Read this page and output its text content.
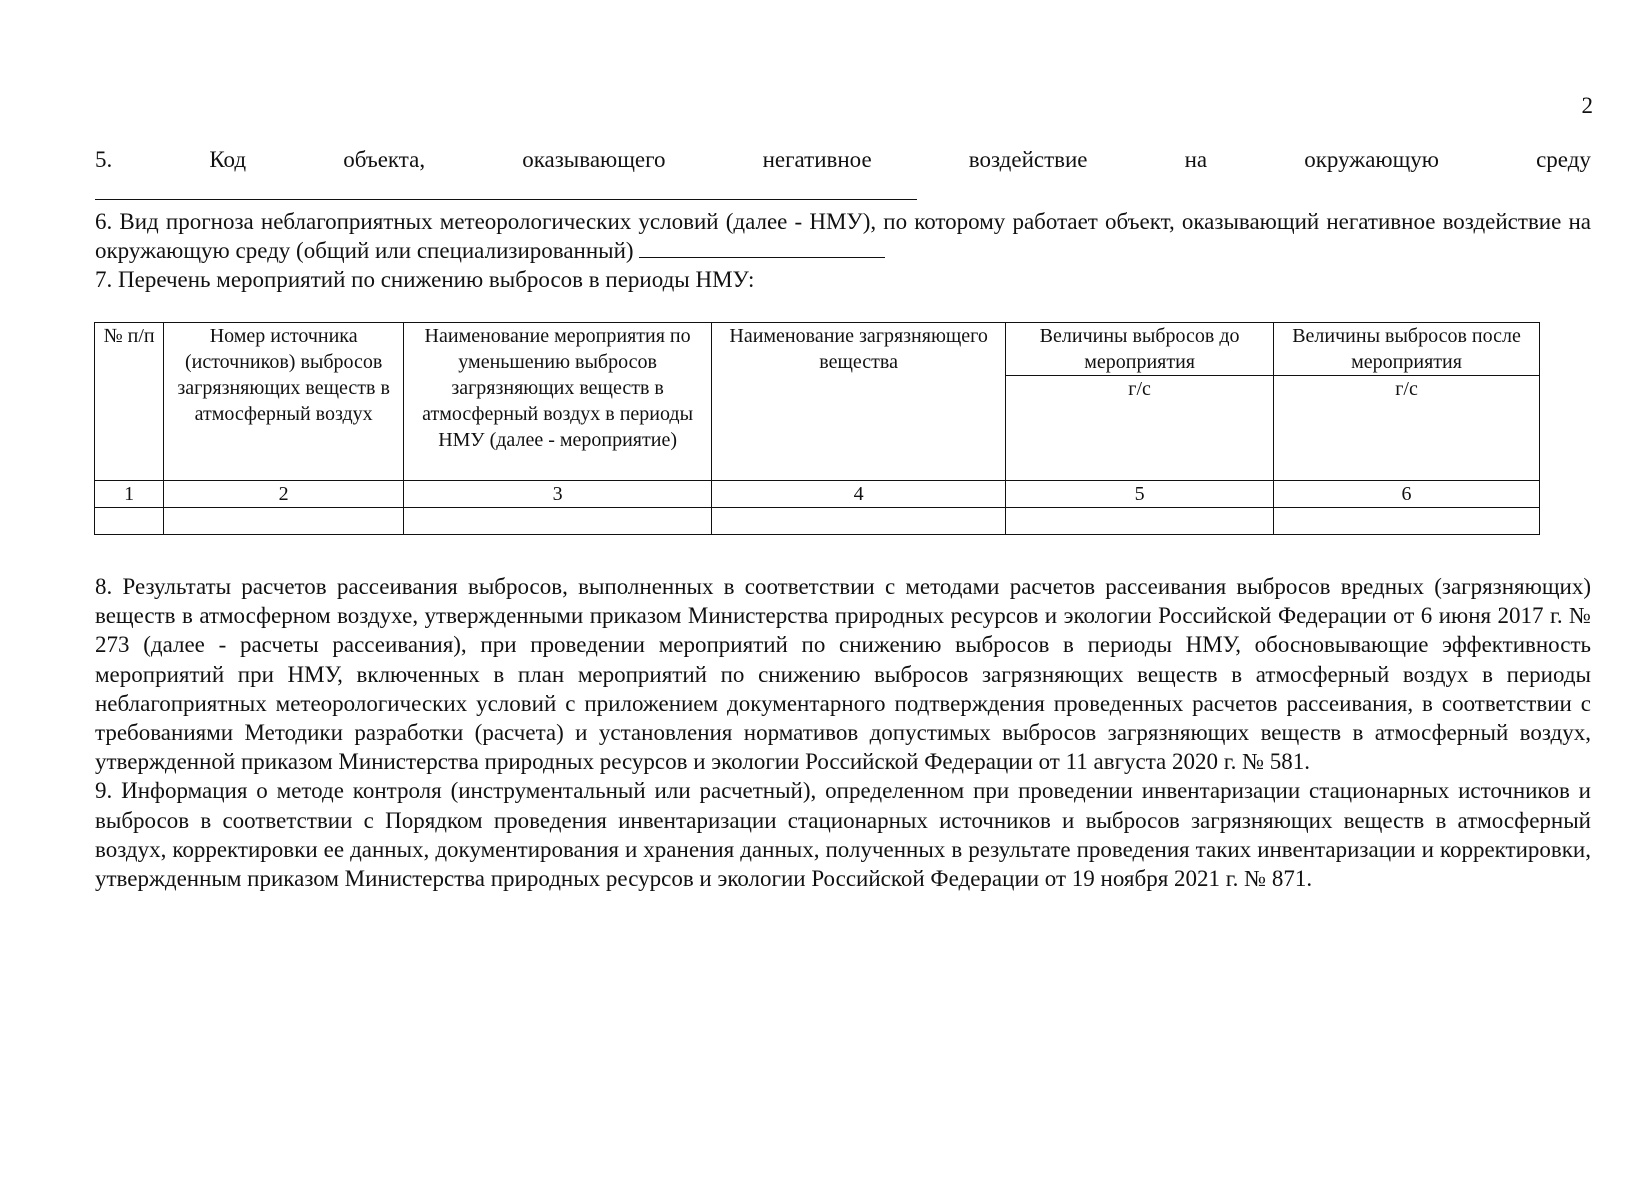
2
5.	Код	объекта,	оказывающего	негативное	воздействие	на	окружающую	среду
6. Вид прогноза неблагоприятных метеорологических условий (далее - НМУ), по которому работает объект, оказывающий негативное воздействие на окружающую среду (общий или специализированный)
7. Перечень мероприятий по снижению выбросов в периоды НМУ:
№ п/п	Номер источника (источников) выбросов загрязняющих веществ в атмосферный воздух	Наименование мероприятия по уменьшению выбросов загрязняющих веществ в атмосферный воздух в периоды НМУ (далее - мероприятие)	Наименование загрязняющего вещества	Величины выбросов до мероприятия	Величины выбросов после мероприятия
				г/с	г/с
1	2	3	4	5	6

8. Результаты расчетов рассеивания выбросов, выполненных в соответствии с методами расчетов рассеивания выбросов вредных (загрязняющих) веществ в атмосферном воздухе, утвержденными приказом Министерства природных ресурсов и экологии Российской Федерации от 6 июня 2017 г. № 273 (далее - расчеты рассеивания), при проведении мероприятий по снижению выбросов в периоды НМУ, обосновывающие эффективность мероприятий при НМУ, включенных в план мероприятий по снижению выбросов загрязняющих веществ в атмосферный воздух в периоды неблагоприятных метеорологических условий с приложением документарного подтверждения проведенных расчетов рассеивания, в соответствии с требованиями Методики разработки (расчета) и установления нормативов допустимых выбросов загрязняющих веществ в атмосферный воздух, утвержденной приказом Министерства природных ресурсов и экологии Российской Федерации от 11 августа 2020 г. № 581.
9. Информация о методе контроля (инструментальный или расчетный), определенном при проведении инвентаризации стационарных источников и выбросов в соответствии с Порядком проведения инвентаризации стационарных источников и выбросов загрязняющих веществ в атмосферный воздух, корректировки ее данных, документирования и хранения данных, полученных в результате проведения таких инвентаризации и корректировки, утвержденным приказом Министерства природных ресурсов и экологии Российской Федерации от 19 ноября 2021 г. № 871.
